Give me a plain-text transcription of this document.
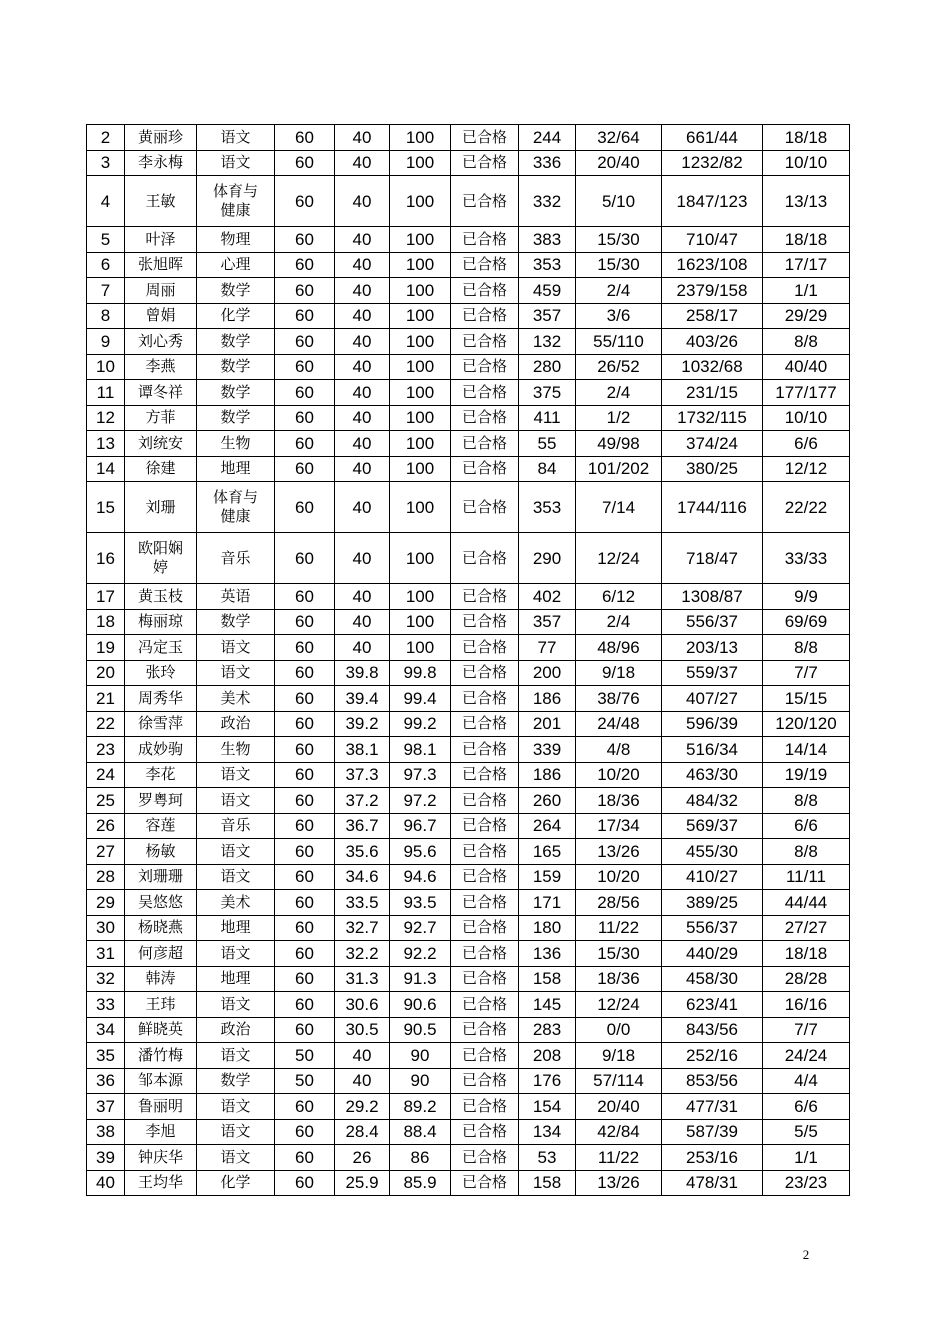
2	黄丽珍	语文	60	40	100	已合格	244	32/64	661/44	18/18
3	李永梅	语文	60	40	100	已合格	336	20/40	1232/82	10/10
4	王敏	体育与健康	60	40	100	已合格	332	5/10	1847/123	13/13
5	叶泽	物理	60	40	100	已合格	383	15/30	710/47	18/18
6	张旭晖	心理	60	40	100	已合格	353	15/30	1623/108	17/17
7	周丽	数学	60	40	100	已合格	459	2/4	2379/158	1/1
8	曾娟	化学	60	40	100	已合格	357	3/6	258/17	29/29
9	刘心秀	数学	60	40	100	已合格	132	55/110	403/26	8/8
10	李燕	数学	60	40	100	已合格	280	26/52	1032/68	40/40
11	谭冬祥	数学	60	40	100	已合格	375	2/4	231/15	177/177
12	方菲	数学	60	40	100	已合格	411	1/2	1732/115	10/10
13	刘统安	生物	60	40	100	已合格	55	49/98	374/24	6/6
14	徐建	地理	60	40	100	已合格	84	101/202	380/25	12/12
15	刘珊	体育与健康	60	40	100	已合格	353	7/14	1744/116	22/22
16	欧阳娴婷	音乐	60	40	100	已合格	290	12/24	718/47	33/33
17	黄玉枝	英语	60	40	100	已合格	402	6/12	1308/87	9/9
18	梅丽琼	数学	60	40	100	已合格	357	2/4	556/37	69/69
19	冯定玉	语文	60	40	100	已合格	77	48/96	203/13	8/8
20	张玲	语文	60	39.8	99.8	已合格	200	9/18	559/37	7/7
21	周秀华	美术	60	39.4	99.4	已合格	186	38/76	407/27	15/15
22	徐雪萍	政治	60	39.2	99.2	已合格	201	24/48	596/39	120/120
23	成妙驹	生物	60	38.1	98.1	已合格	339	4/8	516/34	14/14
24	李花	语文	60	37.3	97.3	已合格	186	10/20	463/30	19/19
25	罗粤珂	语文	60	37.2	97.2	已合格	260	18/36	484/32	8/8
26	容莲	音乐	60	36.7	96.7	已合格	264	17/34	569/37	6/6
27	杨敏	语文	60	35.6	95.6	已合格	165	13/26	455/30	8/8
28	刘珊珊	语文	60	34.6	94.6	已合格	159	10/20	410/27	11/11
29	吴悠悠	美术	60	33.5	93.5	已合格	171	28/56	389/25	44/44
30	杨晓燕	地理	60	32.7	92.7	已合格	180	11/22	556/37	27/27
31	何彦超	语文	60	32.2	92.2	已合格	136	15/30	440/29	18/18
32	韩涛	地理	60	31.3	91.3	已合格	158	18/36	458/30	28/28
33	王玮	语文	60	30.6	90.6	已合格	145	12/24	623/41	16/16
34	鲜晓英	政治	60	30.5	90.5	已合格	283	0/0	843/56	7/7
35	潘竹梅	语文	50	40	90	已合格	208	9/18	252/16	24/24
36	邹本源	数学	50	40	90	已合格	176	57/114	853/56	4/4
37	鲁丽明	语文	60	29.2	89.2	已合格	154	20/40	477/31	6/6
38	李旭	语文	60	28.4	88.4	已合格	134	42/84	587/39	5/5
39	钟庆华	语文	60	26	86	已合格	53	11/22	253/16	1/1
40	王均华	化学	60	25.9	85.9	已合格	158	13/26	478/31	23/23
2
